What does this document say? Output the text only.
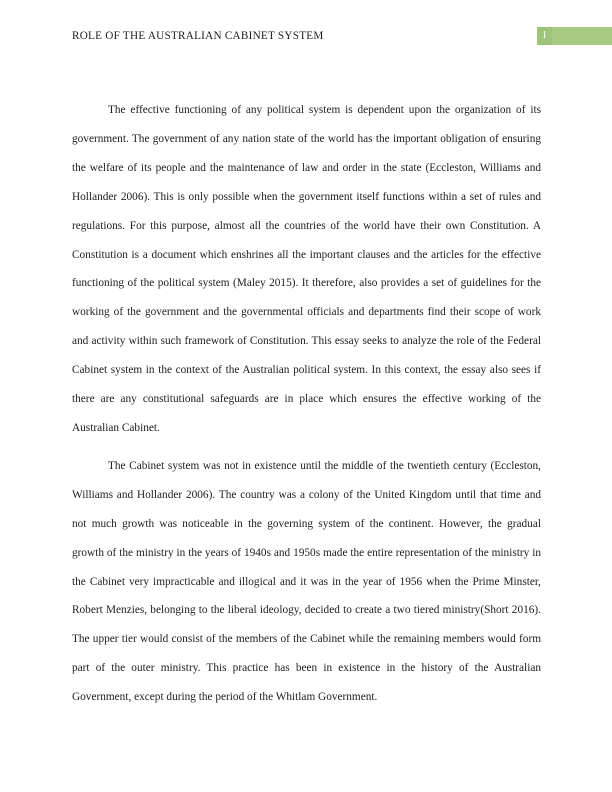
ROLE OF THE AUSTRALIAN CABINET SYSTEM	1

The effective functioning of any political system is dependent upon the organization of its government. The government of any nation state of the world has the important obligation of ensuring the welfare of its people and the maintenance of law and order in the state (Eccleston, Williams and Hollander 2006). This is only possible when the government itself functions within a set of rules and regulations. For this purpose, almost all the countries of the world have their own Constitution. A Constitution is a document which enshrines all the important clauses and the articles for the effective functioning of the political system (Maley 2015). It therefore, also provides a set of guidelines for the working of the government and the governmental officials and departments find their scope of work and activity within such framework of Constitution. This essay seeks to analyze the role of the Federal Cabinet system in the context of the Australian political system. In this context, the essay also sees if there are any constitutional safeguards are in place which ensures the effective working of the Australian Cabinet.

The Cabinet system was not in existence until the middle of the twentieth century (Eccleston, Williams and Hollander 2006). The country was a colony of the United Kingdom until that time and not much growth was noticeable in the governing system of the continent. However, the gradual growth of the ministry in the years of 1940s and 1950s made the entire representation of the ministry in the Cabinet very impracticable and illogical and it was in the year of 1956 when the Prime Minster, Robert Menzies, belonging to the liberal ideology, decided to create a two tiered ministry(Short 2016). The upper tier would consist of the members of the Cabinet while the remaining members would form part of the outer ministry. This practice has been in existence in the history of the Australian Government, except during the period of the Whitlam Government.
